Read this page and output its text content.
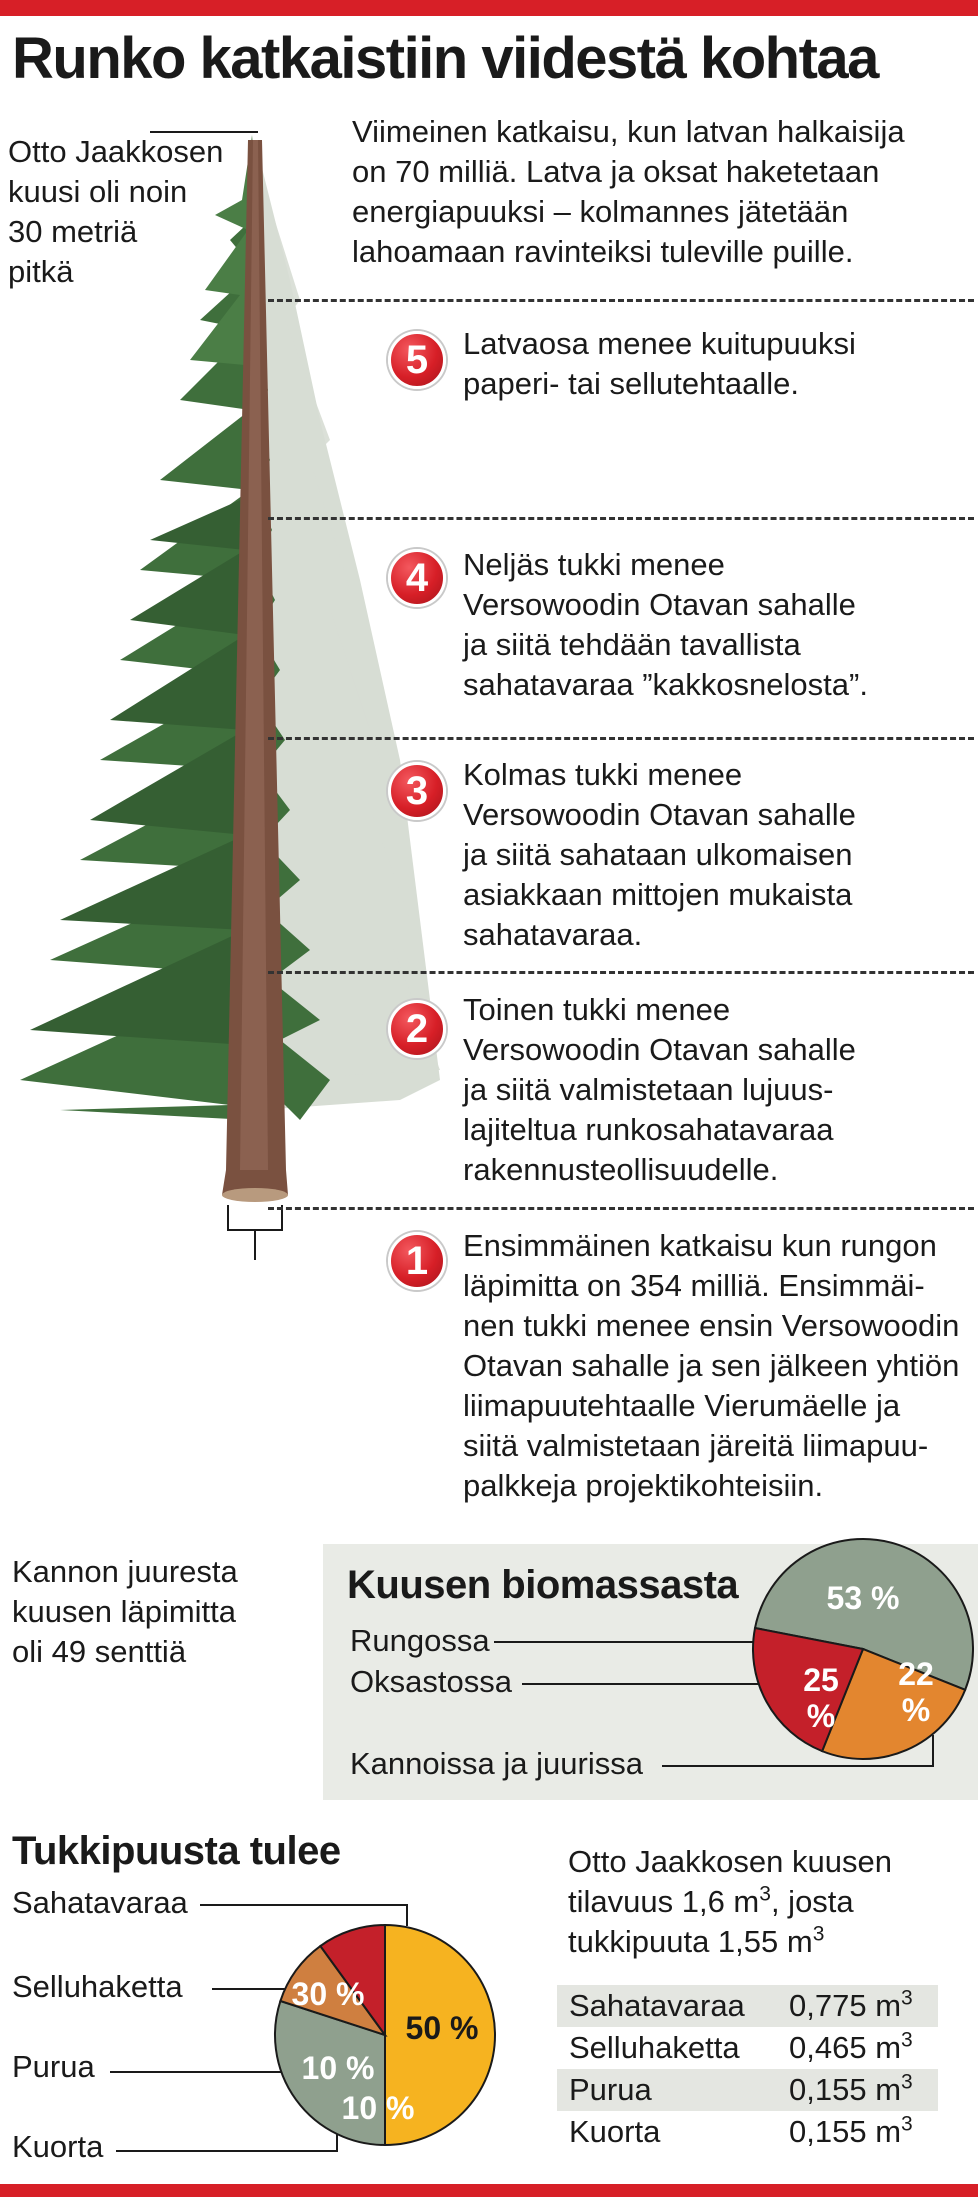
Runko katkaistiin viidestä kohtaa
Otto Jaakkosen
kuusi oli noin
30 metriä
pitkä
Viimeinen katkaisu, kun latvan halkaisija
on 70 milliä. Latva ja oksat haketetaan
energiapuuksi – kolmannes jätetään
lahoamaan ravinteiksi tuleville puille.
5	Latvaosa menee kuitupuuksi
paperi- tai sellutehtaalle.
4	Neljäs tukki menee
Versowoodin Otavan sahalle
ja siitä tehdään tavallista
sahatavaraa ”kakkosnelosta”.
3	Kolmas tukki menee
Versowoodin Otavan sahalle
ja siitä sahataan ulkomaisen
asiakkaan mittojen mukaista
sahatavaraa.
2	Toinen tukki menee
Versowoodin Otavan sahalle
ja siitä valmistetaan lujuus-
lajiteltua runkosahatavaraa
rakennusteollisuudelle.
1	Ensimmäinen katkaisu kun rungon
läpimitta on 354 milliä. Ensimmäi-
nen tukki menee ensin Versowoodin
Otavan sahalle ja sen jälkeen yhtiön
liimapuutehtaalle Vierumäelle ja
siitä valmistetaan järeitä liimapuu-
palkkeja projektikohteisiin.
Kannon juuresta
kuusen läpimitta
oli 49 senttiä
Kuusen biomassasta
Rungossa
Oksastossa
Kannoissa ja juurissa
53 %
25
%
22
%
Tukkipuusta tulee
Sahatavaraa
Selluhaketta
Purua
Kuorta
50 %
30 %
10 %
10 %
Otto Jaakkosen kuusen
tilavuus 1,6 $m^3$, josta
tukkipuuta 1,55 $m^3$
Sahatavaraa 0,775 $m^3$
Selluhaketta 0,465 $m^3$
Purua	0,155 $m^3$
Kuorta	0,155 $m^3$
